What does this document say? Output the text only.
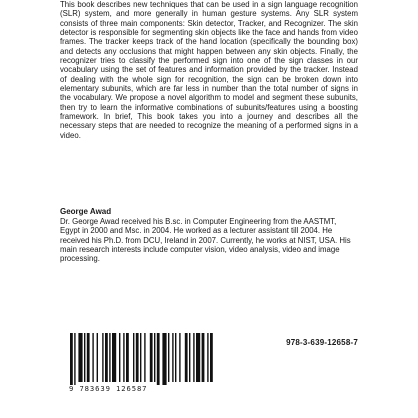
This book describes new techniques that can be used in a sign language recognition (SLR) system, and more generally in human gesture systems. Any SLR system consists of three main components: Skin detector, Tracker, and Recognizer. The skin detector is responsible for segmenting skin objects like the face and hands from video frames. The tracker keeps track of the hand location (specifically the bounding box) and detects any occlusions that might happen between any skin objects. Finally, the recognizer tries to classify the performed sign into one of the sign classes in our vocabulary using the set of features and information provided by the tracker. Instead of dealing with the whole sign for recognition, the sign can be broken down into elementary subunits, which are far less in number than the total number of signs in the vocabulary. We propose a novel algorithm to model and segment these subunits, then try to learn the informative combinations of subunits/features using a boosting framework. In brief, This book takes you into a journey and describes all the necessary steps that are needed to recognize the meaning of a performed signs in a video.

George Awad

Dr. George Awad received his B.sc. in Computer Engineering from the AASTMT, Egypt in 2000 and Msc. in 2004. He worked as a lecturer assistant till 2004. He received his Ph.D. from DCU, Ireland in 2007. Currently, he works at NIST, USA. His main research interests include computer vision, video analysis, video and image processing.

9 783639 126587

978-3-639-12658-7
